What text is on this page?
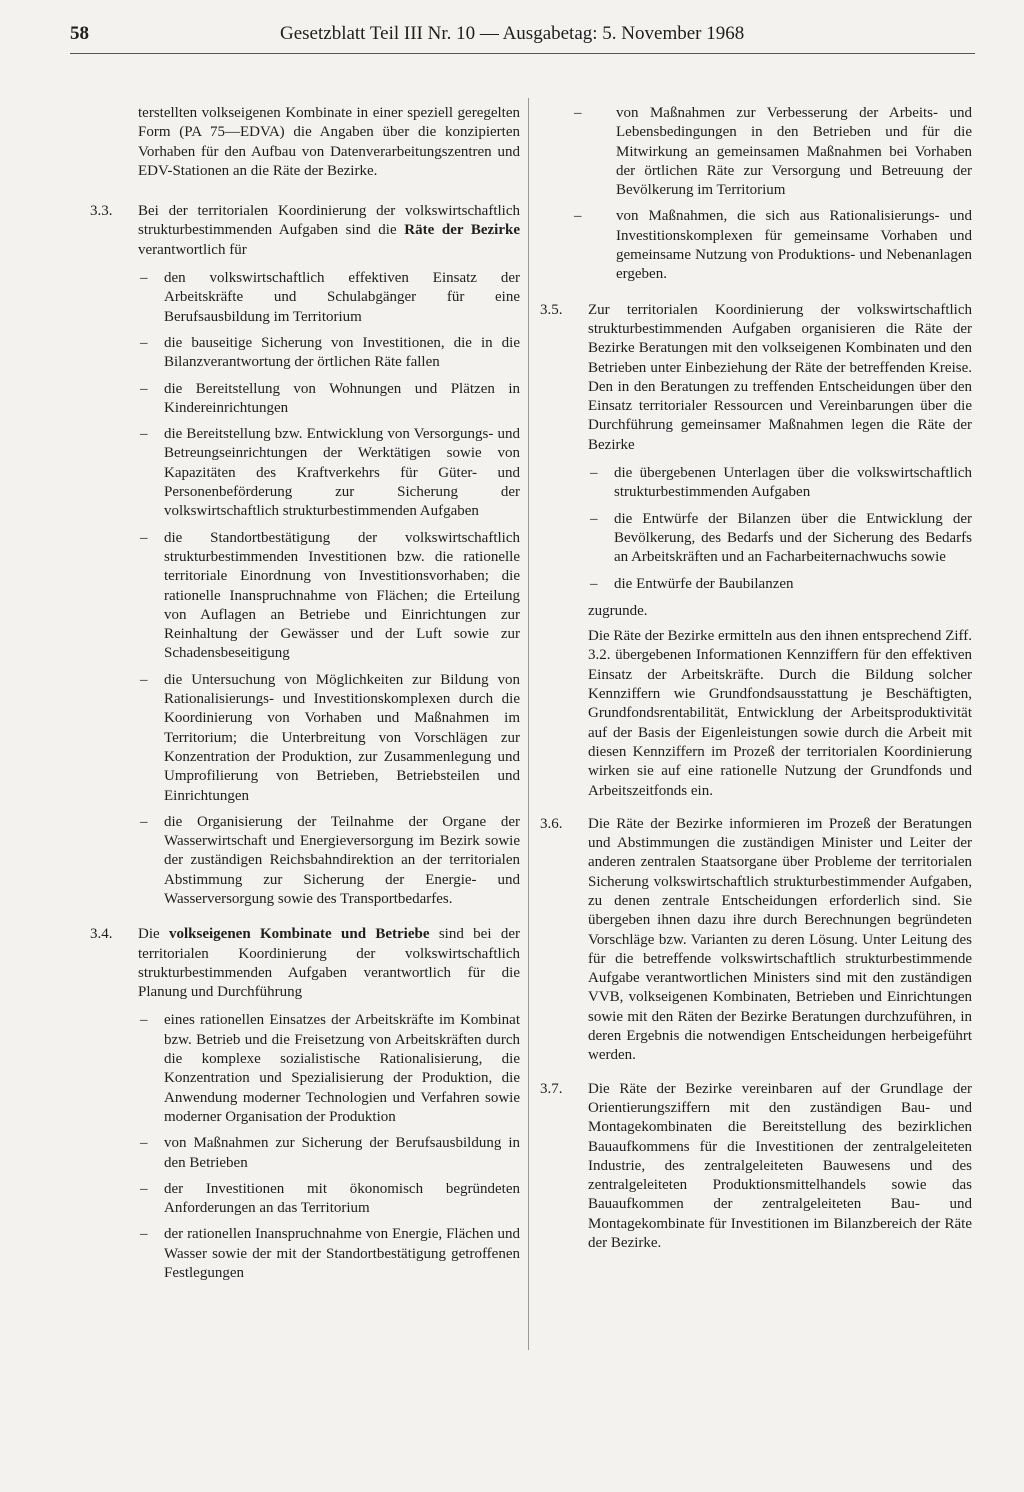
58	Gesetzblatt Teil III Nr. 10 — Ausgabetag: 5. November 1968

terstellten volkseigenen Kombinate in einer speziell geregelten Form (PA 75—EDVA) die Angaben über die konzipierten Vorhaben für den Aufbau von Datenverarbeitungszentren und EDV-Stationen an die Räte der Bezirke.

3.3. Bei der territorialen Koordinierung der volkswirtschaftlich strukturbestimmenden Aufgaben sind die Räte der Bezirke verantwortlich für

– den volkswirtschaftlich effektiven Einsatz der Arbeitskräfte und Schulabgänger für eine Berufsausbildung im Territorium

– die bauseitige Sicherung von Investitionen, die in die Bilanzverantwortung der örtlichen Räte fallen

– die Bereitstellung von Wohnungen und Plätzen in Kindereinrichtungen

– die Bereitstellung bzw. Entwicklung von Versorgungs- und Betreungseinrichtungen der Werktätigen sowie von Kapazitäten des Kraftverkehrs für Güter- und Personenbeförderung zur Sicherung der volkswirtschaftlich strukturbestimmenden Aufgaben

– die Standortbestätigung der volkswirtschaftlich strukturbestimmenden Investitionen bzw. die rationelle territoriale Einordnung von Investitionsvorhaben; die rationelle Inanspruchnahme von Flächen; die Erteilung von Auflagen an Betriebe und Einrichtungen zur Reinhaltung der Gewässer und der Luft sowie zur Schadensbeseitigung

– die Untersuchung von Möglichkeiten zur Bildung von Rationalisierungs- und Investitionskomplexen durch die Koordinierung von Vorhaben und Maßnahmen im Territorium; die Unterbreitung von Vorschlägen zur Konzentration der Produktion, zur Zusammenlegung und Umprofilierung von Betrieben, Betriebsteilen und Einrichtungen

– die Organisierung der Teilnahme der Organe der Wasserwirtschaft und Energieversorgung im Bezirk sowie der zuständigen Reichsbahndirektion an der territorialen Abstimmung zur Sicherung der Energie- und Wasserversorgung sowie des Transportbedarfes.

3.4. Die volkseigenen Kombinate und Betriebe sind bei der territorialen Koordinierung der volkswirtschaftlich strukturbestimmenden Aufgaben verantwortlich für die Planung und Durchführung

– eines rationellen Einsatzes der Arbeitskräfte im Kombinat bzw. Betrieb und die Freisetzung von Arbeitskräften durch die komplexe sozialistische Rationalisierung, die Konzentration und Spezialisierung der Produktion, die Anwendung moderner Technologien und Verfahren sowie moderner Organisation der Produktion

– von Maßnahmen zur Sicherung der Berufsausbildung in den Betrieben

– der Investitionen mit ökonomisch begründeten Anforderungen an das Territorium

– der rationellen Inanspruchnahme von Energie, Flächen und Wasser sowie der mit der Standortbestätigung getroffenen Festlegungen

– von Maßnahmen zur Verbesserung der Arbeits- und Lebensbedingungen in den Betrieben und für die Mitwirkung an gemeinsamen Maßnahmen bei Vorhaben der örtlichen Räte zur Versorgung und Betreuung der Bevölkerung im Territorium

– von Maßnahmen, die sich aus Rationalisierungs- und Investitionskomplexen für gemeinsame Vorhaben und gemeinsame Nutzung von Produktions- und Nebenanlagen ergeben.

3.5. Zur territorialen Koordinierung der volkswirtschaftlich strukturbestimmenden Aufgaben organisieren die Räte der Bezirke Beratungen mit den volkseigenen Kombinaten und den Betrieben unter Einbeziehung der Räte der betreffenden Kreise. Den in den Beratungen zu treffenden Entscheidungen über den Einsatz territorialer Ressourcen und Vereinbarungen über die Durchführung gemeinsamer Maßnahmen legen die Räte der Bezirke

– die übergebenen Unterlagen über die volkswirtschaftlich strukturbestimmenden Aufgaben

– die Entwürfe der Bilanzen über die Entwicklung der Bevölkerung, des Bedarfs und der Sicherung des Bedarfs an Arbeitskräften und an Facharbeiternachwuchs sowie

– die Entwürfe der Baubilanzen

zugrunde.

Die Räte der Bezirke ermitteln aus den ihnen entsprechend Ziff. 3.2. übergebenen Informationen Kennziffern für den effektiven Einsatz der Arbeitskräfte. Durch die Bildung solcher Kennziffern wie Grundfondsausstattung je Beschäftigten, Grundfondsrentabilität, Entwicklung der Arbeitsproduktivität auf der Basis der Eigenleistungen sowie durch die Arbeit mit diesen Kennziffern im Prozeß der territorialen Koordinierung wirken sie auf eine rationelle Nutzung der Grundfonds und Arbeitszeitfonds ein.

3.6. Die Räte der Bezirke informieren im Prozeß der Beratungen und Abstimmungen die zuständigen Minister und Leiter der anderen zentralen Staatsorgane über Probleme der territorialen Sicherung volkswirtschaftlich strukturbestimmender Aufgaben, zu denen zentrale Entscheidungen erforderlich sind. Sie übergeben ihnen dazu ihre durch Berechnungen begründeten Vorschläge bzw. Varianten zu deren Lösung. Unter Leitung des für die betreffende volkswirtschaftlich strukturbestimmende Aufgabe verantwortlichen Ministers sind mit den zuständigen VVB, volkseigenen Kombinaten, Betrieben und Einrichtungen sowie mit den Räten der Bezirke Beratungen durchzuführen, in deren Ergebnis die notwendigen Entscheidungen herbeigeführt werden.

3.7. Die Räte der Bezirke vereinbaren auf der Grundlage der Orientierungsziffern mit den zuständigen Bau- und Montagekombinaten die Bereitstellung des bezirklichen Bauaufkommens für die Investitionen der zentralgeleiteten Industrie, des zentralgeleiteten Bauwesens und des zentralgeleiteten Produktionsmittelhandels sowie das Bauaufkommen der zentralgeleiteten Bau- und Montagekombinate für Investitionen im Bilanzbereich der Räte der Bezirke.
